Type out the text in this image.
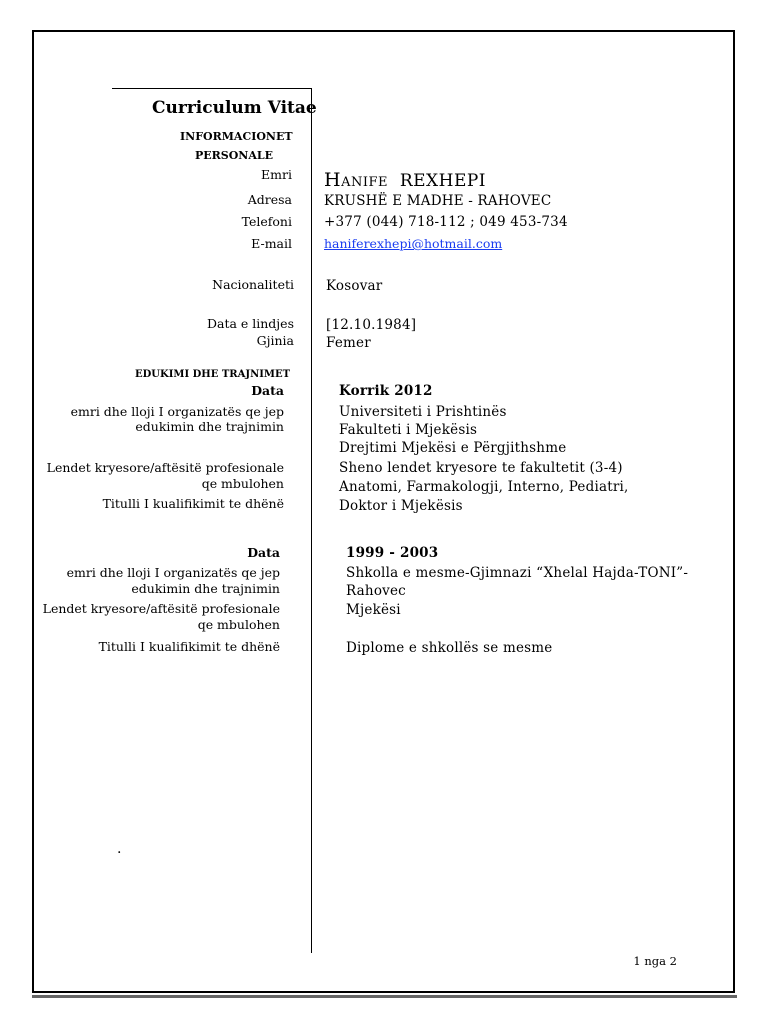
Curriculum Vitae
INFORMACIONET
PERSONALE
Emri
Adresa
Telefoni
E-mail
Nacionaliteti
Data e lindjes
Gjinia
HANIFE REXHEPI
KRUSHË E MADHE - RAHOVEC
+377 (044) 718-112 ; 049 453-734
haniferexhepi@hotmail.com
Kosovar
[12.10.1984]
Femer
EDUKIMI DHE TRAJNIMET
Data
emri dhe lloji I organizatës qe jep
edukimin dhe trajnimin
Lendet kryesore/aftësitë profesionale
qe mbulohen
Titulli I kualifikimit te dhënë
Korrik 2012
Universiteti i Prishtinës
Fakulteti i Mjekësis
Drejtimi Mjekësi e Përgjithshme
Sheno lendet kryesore te fakultetit (3-4)
Anatomi, Farmakologji, Interno, Pediatri,
Doktor i Mjekësis
Data
emri dhe lloji I organizatës qe jep
edukimin dhe trajnimin
Lendet kryesore/aftësitë profesionale
qe mbulohen
Titulli I kualifikimit te dhënë
1999 - 2003
Shkolla e mesme-Gjimnazi “Xhelal Hajda-TONI”-
Rahovec
Mjekësi
Diplome e shkollës se mesme
.
1 nga 2
